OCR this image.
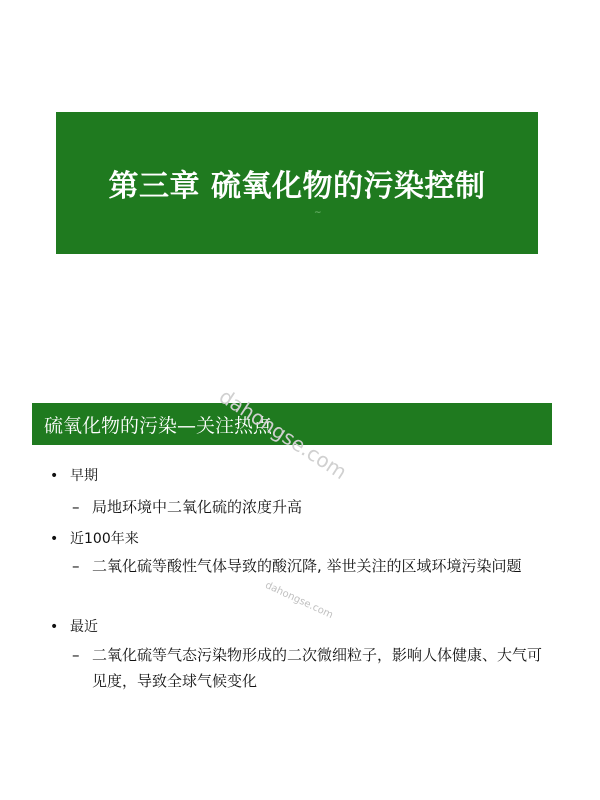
第三章 硫氧化物的污染控制
~
硫氧化物的污染—关注热点
• 早期
– 局地环境中二氧化硫的浓度升高
• 近100年来
– 二氧化硫等酸性气体导致的酸沉降, 举世关注的区域环境污染问题
• 最近
– 二氧化硫等气态污染物形成的二次微细粒子，影响人体健康、大气可见度，导致全球气候变化
dahongse.com
dahongse.com
